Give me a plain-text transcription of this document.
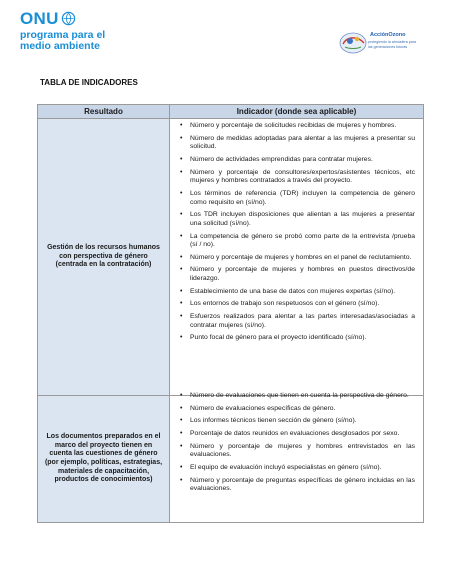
ONU
programa para el
medio ambiente
AcciónOzono
protegiendo la atmósfera para
las generaciones futuras
TABLA DE INDICADORES
Resultado	Indicador (donde sea aplicable)
Gestión de los recursos humanos con perspectiva de género (centrada en la contratación)
• Número y porcentaje de solicitudes recibidas de mujeres y hombres.
• Número de medidas adoptadas para alentar a las mujeres a presentar su solicitud.
• Número de actividades emprendidas para contratar mujeres.
• Número y porcentaje de consultores/expertos/asistentes técnicos, etc mujeres y hombres contratados a través del proyecto.
• Los términos de referencia (TDR) incluyen la competencia de género como requisito en (sí/no).
• Los TDR incluyen disposiciones que alientan a las mujeres a presentar una solicitud (sí/no).
• La competencia de género se probó como parte de la entrevista /prueba (sí / no).
• Número y porcentaje de mujeres y hombres en el panel de reclutamiento.
• Número y porcentaje de mujeres y hombres en puestos directivos/de liderazgo.
• Establecimiento de una base de datos con mujeres expertas (sí/no).
• Los entornos de trabajo son respetuosos con el género (sí/no).
• Esfuerzos realizados para alentar a las partes interesadas/asociadas a contratar mujeres (sí/no).
• Punto focal de género para el proyecto identificado (sí/no).
Los documentos preparados en el marco del proyecto tienen en cuenta las cuestiones de género (por ejemplo, políticas, estrategias, materiales de capacitación, productos de conocimientos)
• Número de evaluaciones que tienen en cuenta la perspectiva de género.
• Número de evaluaciones específicas de género.
• Los informes técnicos tienen sección de género (sí/no).
• Porcentaje de datos reunidos en evaluaciones desglosados por sexo.
• Número y porcentaje de mujeres y hombres entrevistados en las evaluaciones.
• El equipo de evaluación incluyó especialistas en género (sí/no).
• Número y porcentaje de preguntas específicas de género incluidas en las evaluaciones.
